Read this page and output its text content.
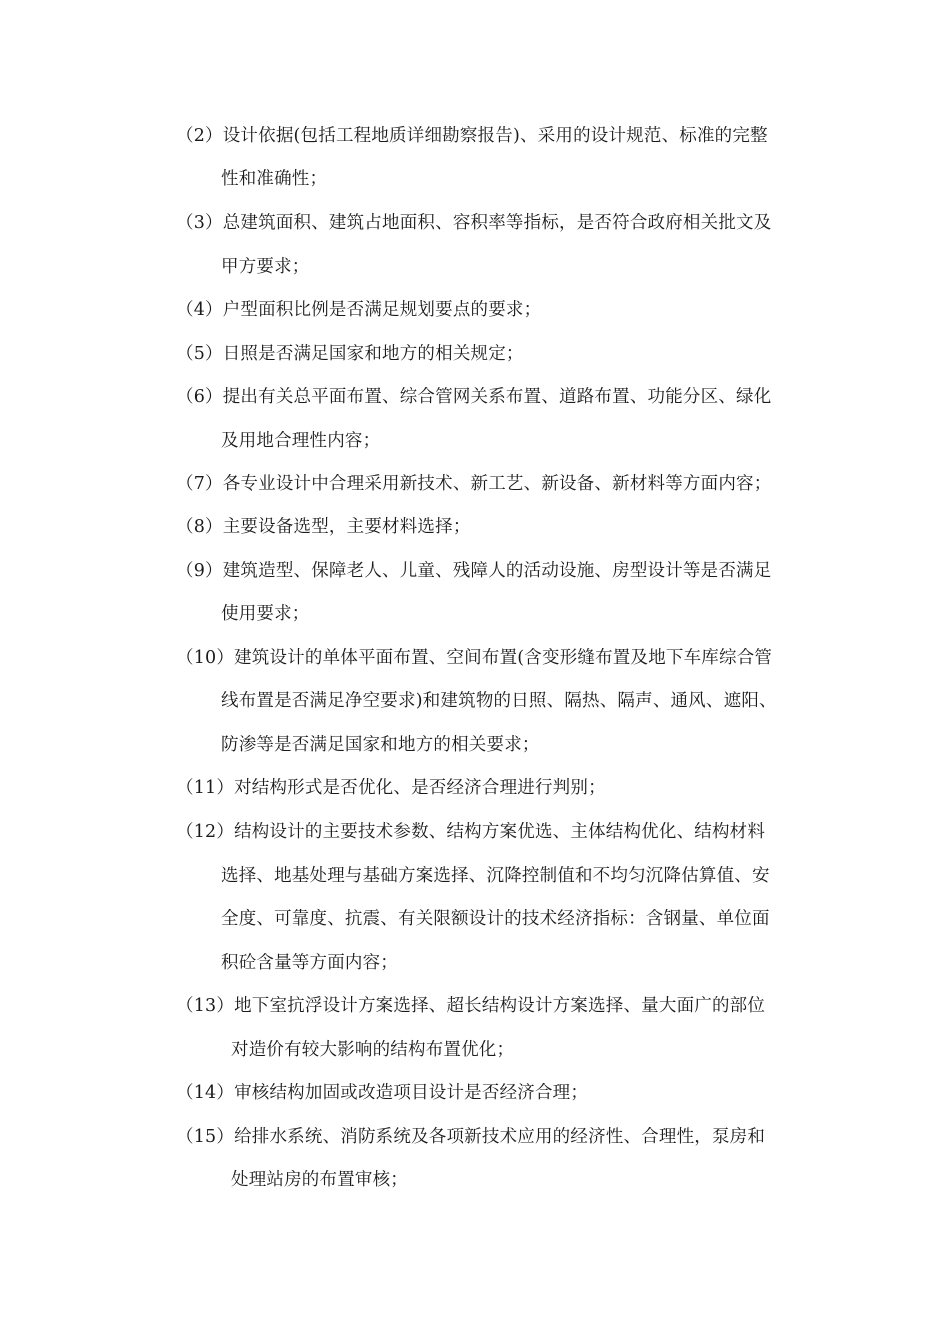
（2）设计依据(包括工程地质详细勘察报告)、采用的设计规范、标准的完整
性和准确性；
（3）总建筑面积、建筑占地面积、容积率等指标，是否符合政府相关批文及
甲方要求；
（4）户型面积比例是否满足规划要点的要求；
（5）日照是否满足国家和地方的相关规定；
（6）提出有关总平面布置、综合管网关系布置、道路布置、功能分区、绿化
及用地合理性内容；
（7）各专业设计中合理采用新技术、新工艺、新设备、新材料等方面内容；
（8）主要设备选型，主要材料选择；
（9）建筑造型、保障老人、儿童、残障人的活动设施、房型设计等是否满足
使用要求；
（10）建筑设计的单体平面布置、空间布置(含变形缝布置及地下车库综合管
线布置是否满足净空要求)和建筑物的日照、隔热、隔声、通风、遮阳、
防渗等是否满足国家和地方的相关要求；
（11）对结构形式是否优化、是否经济合理进行判别；
（12）结构设计的主要技术参数、结构方案优选、主体结构优化、结构材料
选择、地基处理与基础方案选择、沉降控制值和不均匀沉降估算值、安
全度、可靠度、抗震、有关限额设计的技术经济指标：含钢量、单位面
积砼含量等方面内容；
（13）地下室抗浮设计方案选择、超长结构设计方案选择、量大面广的部位
对造价有较大影响的结构布置优化；
（14）审核结构加固或改造项目设计是否经济合理；
（15）给排水系统、消防系统及各项新技术应用的经济性、合理性，泵房和
处理站房的布置审核；
